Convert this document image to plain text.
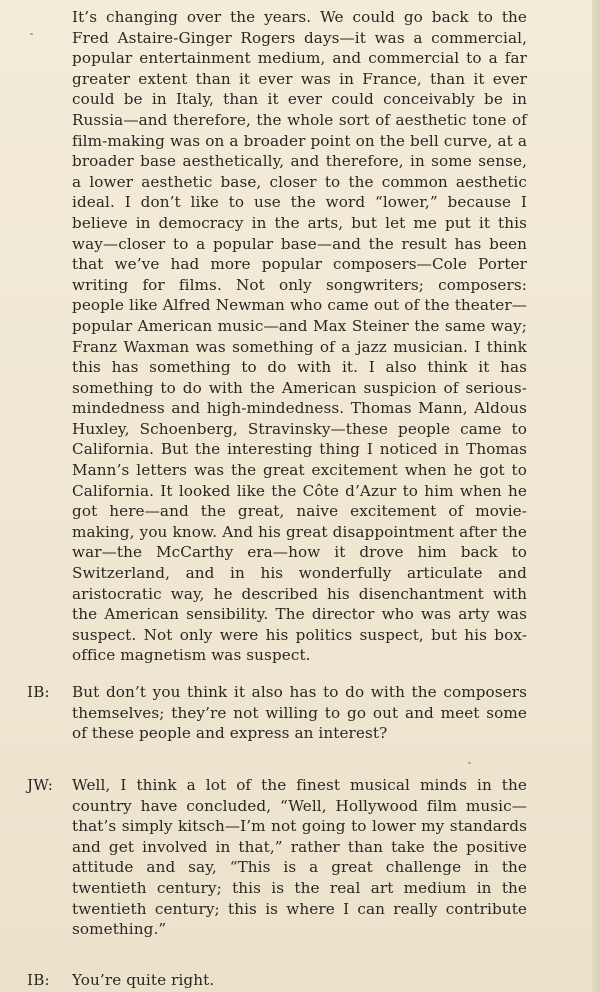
It’s changing over the years. We could go back to the Fred Astaire-Ginger Rogers days—it was a commercial, popular entertainment medium, and commercial to a far greater extent than it ever was in France, than it ever could be in Italy, than it ever could conceivably be in Russia—and therefore, the whole sort of aesthetic tone of film-making was on a broader point on the bell curve, at a broader base aesthetically, and therefore, in some sense, a lower aesthetic base, closer to the common aesthetic ideal. I don’t like to use the word “lower,” because I believe in democracy in the arts, but let me put it this way—closer to a popular base—and the result has been that we’ve had more popular composers—Cole Porter writing for films. Not only songwriters; composers: people like Alfred Newman who came out of the theater—popular American music—and Max Steiner the same way; Franz Waxman was something of a jazz musician. I think this has something to do with it. I also think it has something to do with the American suspicion of serious-mindedness and high-mindedness. Thomas Mann, Aldous Huxley, Schoenberg, Stravinsky—these people came to California. But the interesting thing I noticed in Thomas Mann’s letters was the great excitement when he got to California. It looked like the Côte d’Azur to him when he got here—and the great, naive excitement of movie-making, you know. And his great disappointment after the war—the McCarthy era—how it drove him back to Switzerland, and in his wonderfully articulate and aristocratic way, he described his disenchantment with the American sensibility. The director who was arty was suspect. Not only were his politics suspect, but his box-office magnetism was suspect.

IB: But don’t you think it also has to do with the composers themselves; they’re not willing to go out and meet some of these people and express an interest?

JW: Well, I think a lot of the finest musical minds in the country have concluded, “Well, Hollywood film music—that’s simply kitsch—I’m not going to lower my standards and get involved in that,” rather than take the positive attitude and say, “This is a great challenge in the twentieth century; this is the real art medium in the twentieth century; this is where I can really contribute something.”

IB: You’re quite right.
